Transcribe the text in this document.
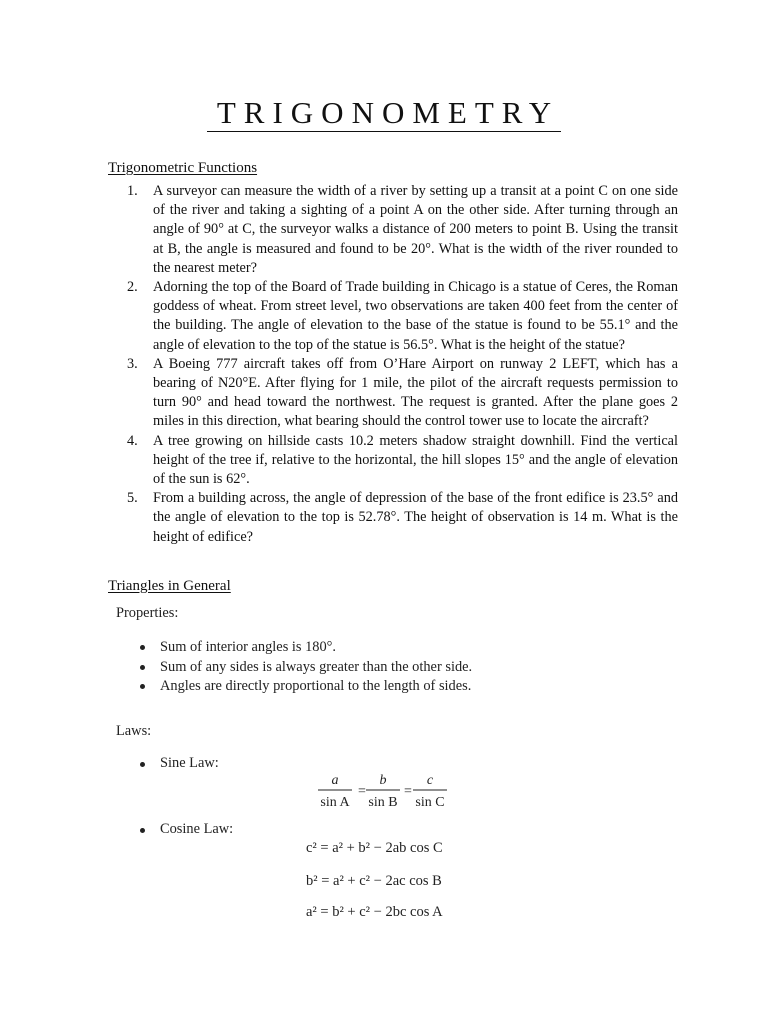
TRIGONOMETRY
Trigonometric Functions
1. A surveyor can measure the width of a river by setting up a transit at a point C on one side of the river and taking a sighting of a point A on the other side. After turning through an angle of 90° at C, the surveyor walks a distance of 200 meters to point B. Using the transit at B, the angle is measured and found to be 20°. What is the width of the river rounded to the nearest meter?
2. Adorning the top of the Board of Trade building in Chicago is a statue of Ceres, the Roman goddess of wheat. From street level, two observations are taken 400 feet from the center of the building. The angle of elevation to the base of the statue is found to be 55.1° and the angle of elevation to the top of the statue is 56.5°. What is the height of the statue?
3. A Boeing 777 aircraft takes off from O’Hare Airport on runway 2 LEFT, which has a bearing of N20°E. After flying for 1 mile, the pilot of the aircraft requests permission to turn 90° and head toward the northwest. The request is granted. After the plane goes 2 miles in this direction, what bearing should the control tower use to locate the aircraft?
4. A tree growing on hillside casts 10.2 meters shadow straight downhill. Find the vertical height of the tree if, relative to the horizontal, the hill slopes 15° and the angle of elevation of the sun is 62°.
5. From a building across, the angle of depression of the base of the front edifice is 23.5° and the angle of elevation to the top is 52.78°. The height of observation is 14 m. What is the height of edifice?
Triangles in General
Properties:
Sum of interior angles is 180°.
Sum of any sides is always greater than the other side.
Angles are directly proportional to the length of sides.
Laws:
Sine Law:
Cosine Law:
a
sin A
=
b
sin B
=
c
sin C
c² = a² + b² − 2ab cos C
b² = a² + c² − 2ac cos B
a² = b² + c² − 2bc cos A
